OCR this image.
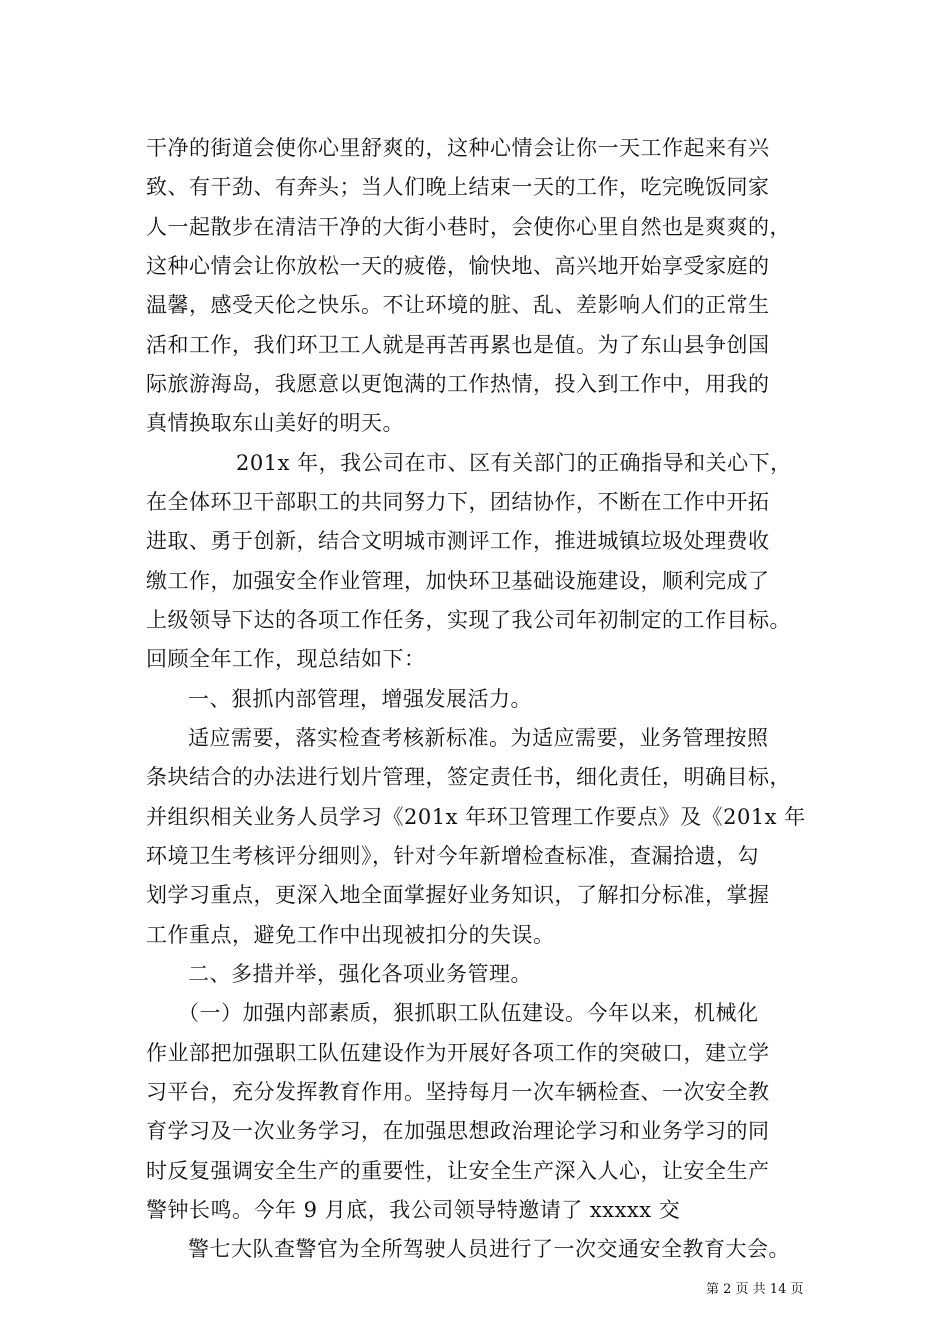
干净的街道会使你心里舒爽的，这种心情会让你一天工作起来有兴
致、有干劲、有奔头；当人们晚上结束一天的工作，吃完晚饭同家
人一起散步在清洁干净的大街小巷时，会使你心里自然也是爽爽的，
这种心情会让你放松一天的疲倦，愉快地、高兴地开始享受家庭的
温馨，感受天伦之快乐。不让环境的脏、乱、差影响人们的正常生
活和工作，我们环卫工人就是再苦再累也是值。为了东山县争创国
际旅游海岛，我愿意以更饱满的工作热情，投入到工作中，用我的
真情换取东山美好的明天。
201x 年，我公司在市、区有关部门的正确指导和关心下，
在全体环卫干部职工的共同努力下，团结协作，不断在工作中开拓
进取、勇于创新，结合文明城市测评工作，推进城镇垃圾处理费收
缴工作，加强安全作业管理，加快环卫基础设施建设，顺利完成了
上级领导下达的各项工作任务，实现了我公司年初制定的工作目标。
回顾全年工作，现总结如下：
一、狠抓内部管理，增强发展活力。
适应需要，落实检查考核新标准。为适应需要，业务管理按照
条块结合的办法进行划片管理，签定责任书，细化责任，明确目标，
并组织相关业务人员学习《201x 年环卫管理工作要点》及《201x 年
环境卫生考核评分细则》，针对今年新增检查标准，查漏拾遗，勾
划学习重点，更深入地全面掌握好业务知识，了解扣分标准，掌握
工作重点，避免工作中出现被扣分的失误。
二、多措并举，强化各项业务管理。
（一）加强内部素质，狠抓职工队伍建设。今年以来，机械化
作业部把加强职工队伍建设作为开展好各项工作的突破口，建立学
习平台，充分发挥教育作用。坚持每月一次车辆检查、一次安全教
育学习及一次业务学习，在加强思想政治理论学习和业务学习的同
时反复强调安全生产的重要性，让安全生产深入人心，让安全生产
警钟长鸣。今年 9 月底，我公司领导特邀请了 xxxxx 交
警七大队查警官为全所驾驶人员进行了一次交通安全教育大会。
第 2 页 共 14 页
